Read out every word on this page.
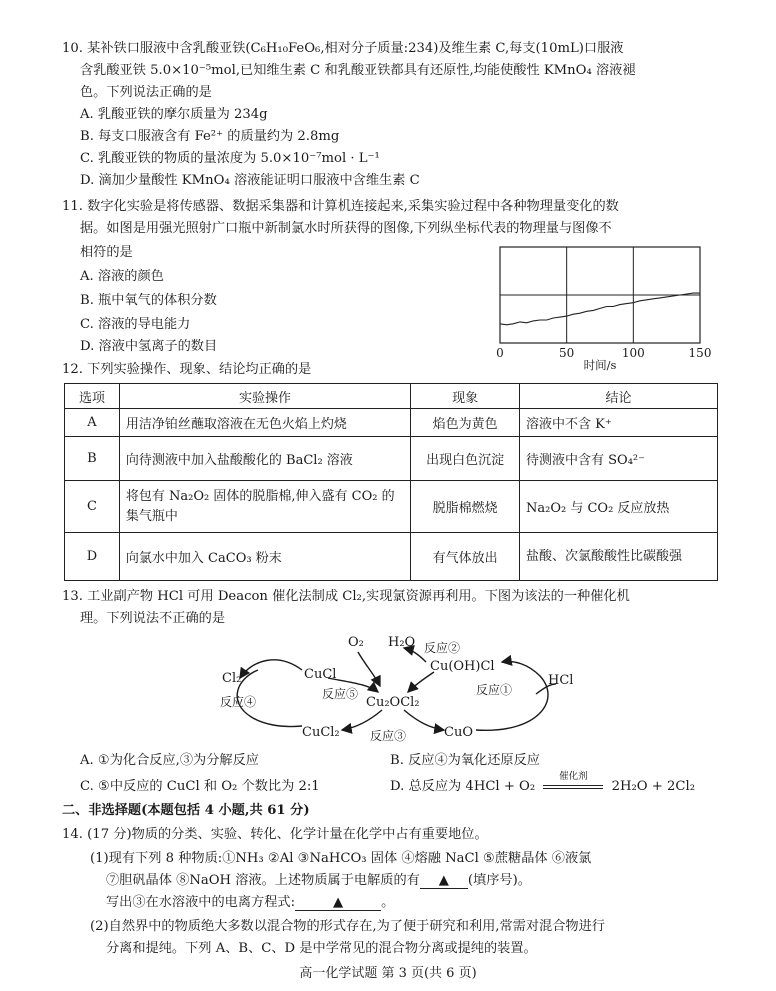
10. 某补铁口服液中含乳酸亚铁(C₆H₁₀FeO₆,相对分子质量:234)及维生素 C,每支(10mL)口服液
含乳酸亚铁 5.0×10⁻⁵mol,已知维生素 C 和乳酸亚铁都具有还原性,均能使酸性 KMnO₄ 溶液褪
色。下列说法正确的是
A. 乳酸亚铁的摩尔质量为 234g
B. 每支口服液含有 Fe²⁺ 的质量约为 2.8mg
C. 乳酸亚铁的物质的量浓度为 5.0×10⁻⁷mol · L⁻¹
D. 滴加少量酸性 KMnO₄ 溶液能证明口服液中含维生素 C
11. 数字化实验是将传感器、数据采集器和计算机连接起来,采集实验过程中各种物理量变化的数
据。如图是用强光照射广口瓶中新制氯水时所获得的图像,下列纵坐标代表的物理量与图像不
相符的是
A. 溶液的颜色
B. 瓶中氧气的体积分数
C. 溶液的导电能力
D. 溶液中氢离子的数目	0	50	100	150
时间/s
12. 下列实验操作、现象、结论均正确的是
选项	实验操作	现象	结论
A	用洁净铂丝蘸取溶液在无色火焰上灼烧	焰色为黄色	溶液中不含 K⁺
B	向待测液中加入盐酸酸化的 BaCl₂ 溶液	出现白色沉淀	待测液中含有 SO₄²⁻
C	将包有 Na₂O₂ 固体的脱脂棉,伸入盛有 CO₂ 的集气瓶中	脱脂棉燃烧	Na₂O₂ 与 CO₂ 反应放热
D	向氯水中加入 CaCO₃ 粉末	有气体放出	盐酸、次氯酸酸性比碳酸强
13. 工业副产物 HCl 可用 Deacon 催化法制成 Cl₂,实现氯资源再利用。下图为该法的一种催化机
理。下列说法不正确的是
O₂ H₂O 反应②
CuCl
Cu(OH)Cl
Cl₂
反应⑤
HCl
反应④	Cu₂OCl₂
反应①
CuCl₂	CuO
反应③
A. ①为化合反应,③为分解反应	B. 反应④为氧化还原反应
C. ⑤中反应的 CuCl 和 O₂ 个数比为 2:1	D. 总反应为 4HCl + O₂
催化剂
2H₂O + 2Cl₂
二、非选择题(本题包括 4 小题,共 61 分)
14. (17 分)物质的分类、实验、转化、化学计量在化学中占有重要地位。
(1)现有下列 8 种物质:①NH₃ ②Al ③NaHCO₃ 固体 ④熔融 NaCl ⑤蔗糖晶体 ⑥液氯
⑦胆矾晶体 ⑧NaOH 溶液。上述物质属于电解质的有 ▲ (填序号)。
写出③在水溶液中的电离方程式:	▲	。
(2)自然界中的物质绝大多数以混合物的形式存在,为了便于研究和利用,常需对混合物进行
分离和提纯。下列 A、B、C、D 是中学常见的混合物分离或提纯的装置。
高一化学试题 第 3 页(共 6 页)
